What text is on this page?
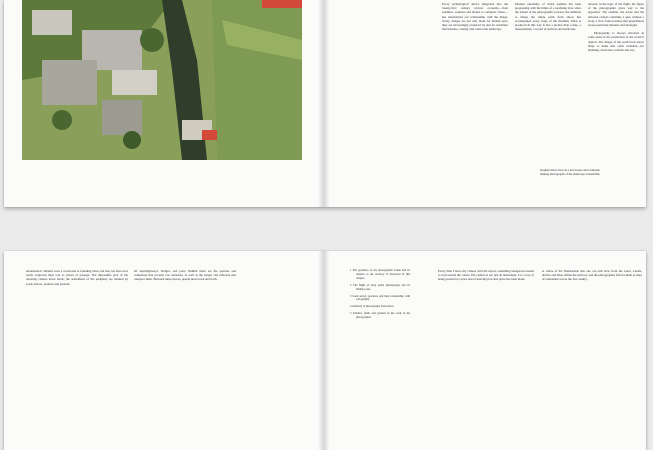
Every technological device integrated into the twenty-first century picture economy—from satellites, scanners and drones to computer vision—has transformed our relationship with the image. Today, images are not only made for human eyes; they are increasingly produced by and for machines that measure, classify and control the landscape.

Modern rationality of visual regimes has been progressing with the limits of a totalizing view since the advent of the photographic process; the ambition to image the whole earth from above has accompanied every stage of the medium. What is produced in this way is less a picture than a map, a measurement, a record of surfaces and territories.

Abroad, in the logic of the flight, the figure of the photographer gives way to the apparatus. The satellite, the drone and the airborne camera constitute a gaze without a body, a view from nowhere that nevertheless serves particular interests and strategies.

Photography is always involved in some sense in the production of the world it depicts. The image of the earth from above helps to make that earth available—for planning, extraction, tourism and war.

Stephen Shore lives in a new house and continues making photographs of the landscape around him.

urbanization. Suburbs were a crossroads to founding cities, but may not have ever really outgrown their role as places of passage. The impossible goal of the traveling camera never holds; the settlements of the periphery are marked by roads, fences, pastures and gardens.

Of superhighways, bridges, and ports. Behind them are the quarries and complexes that provide raw materials, as well as the barges and railroads that transport them. Between these spaces, people move back and forth.

1 The geometry of the photographic frame and its relation to the territory is discussed in this chapter.
2 The flight of early aerial photography and its military uses.
3 Land survey practices and their relationship with cartography.
4 A history of photography from above.
5 Suburbs, fields and gardens in the work of the photographer.

Every time I leave my camera with the tripod, something unexpected seems to wait around the corner. The camera is not just an instrument, it is a way of being present in a place and of noticing how that place has been made.

at whole of the Netherlands that one can still view from the water. Canals, ditches and dikes define the territory, and the photographer follows them as lines of orientation across the flat country.
